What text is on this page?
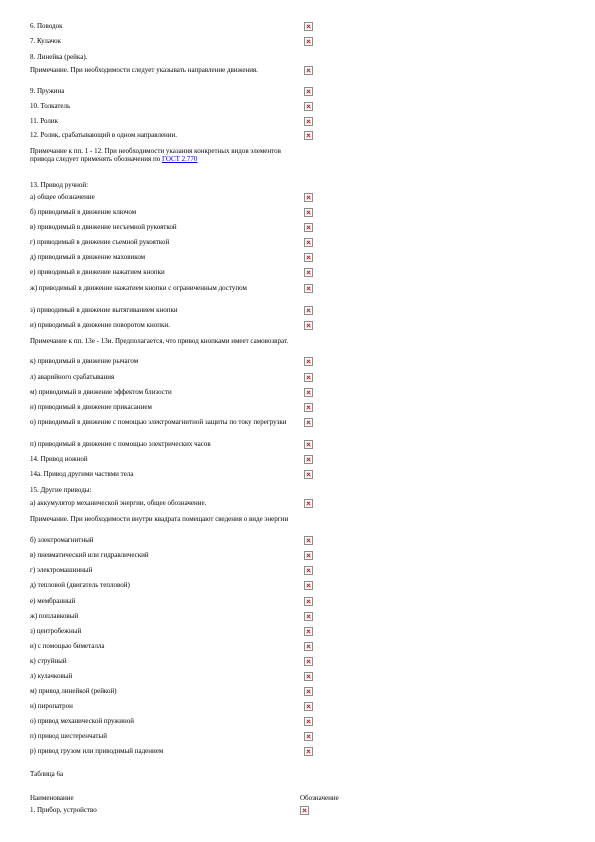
6. Поводок
7. Кулачок
8. Линейка (рейка).
Примечание. При необходимости следует указывать направление движения.
9. Пружина
10. Толкатель
11. Ролик
12. Ролик, срабатывающий в одном направлении.
Примечание к пп. 1 - 12. При необходимости указания конкретных видов элементов привода следует применять обозначения по ГОСТ 2.770
13. Привод ручной:
а) общее обозначение
б) приводимый в движение ключом
в) приводимый в движение несъемной рукояткой
г) приводимый в движение съемной рукояткой
д) приводимый в движение маховиком
е) приводимый в движение нажатием кнопки
ж) приводимый в движение нажатием кнопки с ограниченным доступом
з) приводимый в движение вытягиванием кнопки
и) приводимый в движение поворотом кнопки.
Примечание к пп. 13е - 13и. Предполагается, что привод кнопками имеет самовозврат.
к) приводимый в движение рычагом
л) аварийного срабатывания
м) приводимый в движение эффектом близости
н) приводимый в движение прикасанием
о) приводимый в движение с помощью электромагнитной защиты по току перегрузки
п) приводимый в движение с помощью электрических часов
14. Привод ножной
14а. Привод другими частями тела
15. Другие приводы:
а) аккумулятор механической энергии, общее обозначение.
Примечание. При необходимости внутри квадрата помещают сведения о виде энергии
б) электромагнитный
в) пневматический или гидравлический
г) электромашинный
д) тепловой (двигатель тепловой)
е) мембранный
ж) поплавковый
з) центробежный
и) с помощью биметалла
к) струйный
л) кулачковый
м) привод линейкой (рейкой)
н) пиропатрон
о) привод механической пружиной
п) привод шестеренчатый
р) привод грузом или приводимый падением
Таблица 6а
Наименование	Обозначение
1. Прибор, устройство
